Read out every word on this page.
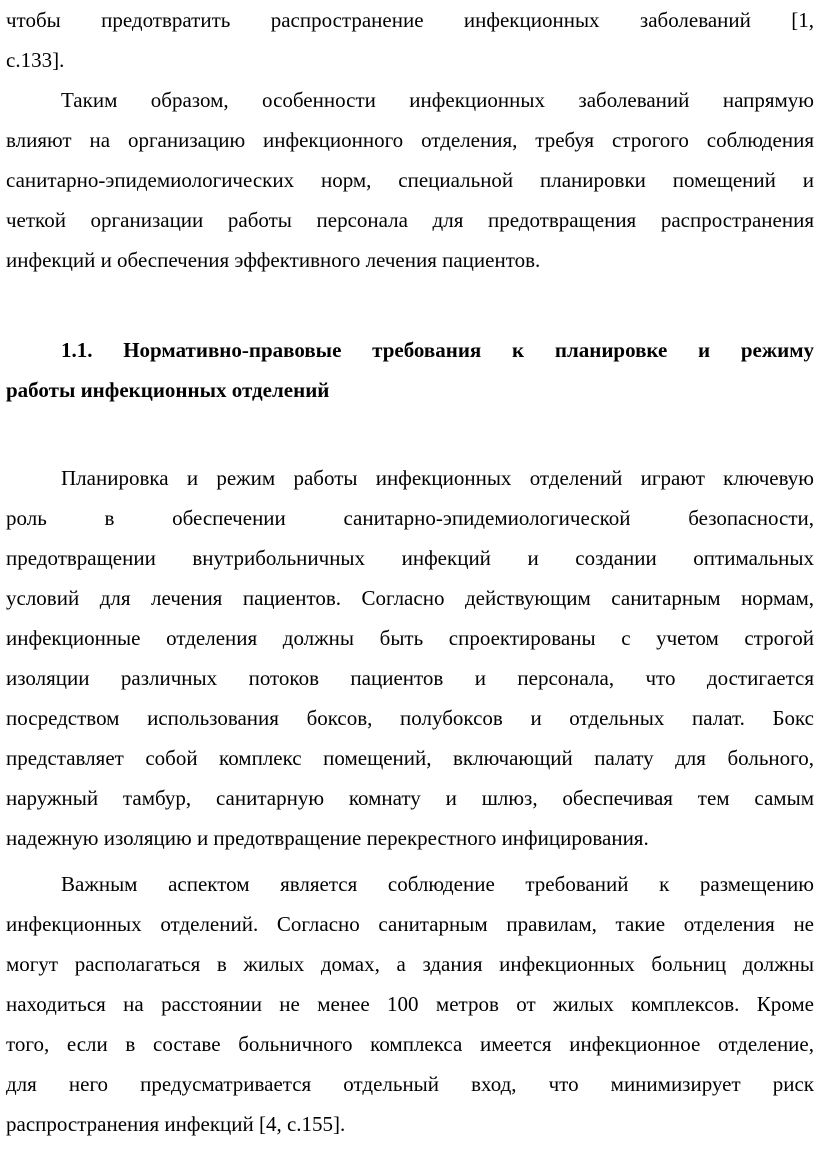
чтобы предотвратить распространение инфекционных заболеваний [1,
с.133].
Таким образом, особенности инфекционных заболеваний напрямую
влияют на организацию инфекционного отделения, требуя строгого соблюдения
санитарно-эпидемиологических норм, специальной планировки помещений и
четкой организации работы персонала для предотвращения распространения
инфекций и обеспечения эффективного лечения пациентов.
1.1. Нормативно-правовые требования к планировке и режиму
работы инфекционных отделений
Планировка и режим работы инфекционных отделений играют ключевую
роль в обеспечении санитарно-эпидемиологической безопасности,
предотвращении внутрибольничных инфекций и создании оптимальных
условий для лечения пациентов. Согласно действующим санитарным нормам,
инфекционные отделения должны быть спроектированы с учетом строгой
изоляции различных потоков пациентов и персонала, что достигается
посредством использования боксов, полубоксов и отдельных палат. Бокс
представляет собой комплекс помещений, включающий палату для больного,
наружный тамбур, санитарную комнату и шлюз, обеспечивая тем самым
надежную изоляцию и предотвращение перекрестного инфицирования.
Важным аспектом является соблюдение требований к размещению
инфекционных отделений. Согласно санитарным правилам, такие отделения не
могут располагаться в жилых домах, а здания инфекционных больниц должны
находиться на расстоянии не менее 100 метров от жилых комплексов. Кроме
того, если в составе больничного комплекса имеется инфекционное отделение,
для него предусматривается отдельный вход, что минимизирует риск
распространения инфекций [4, с.155].
